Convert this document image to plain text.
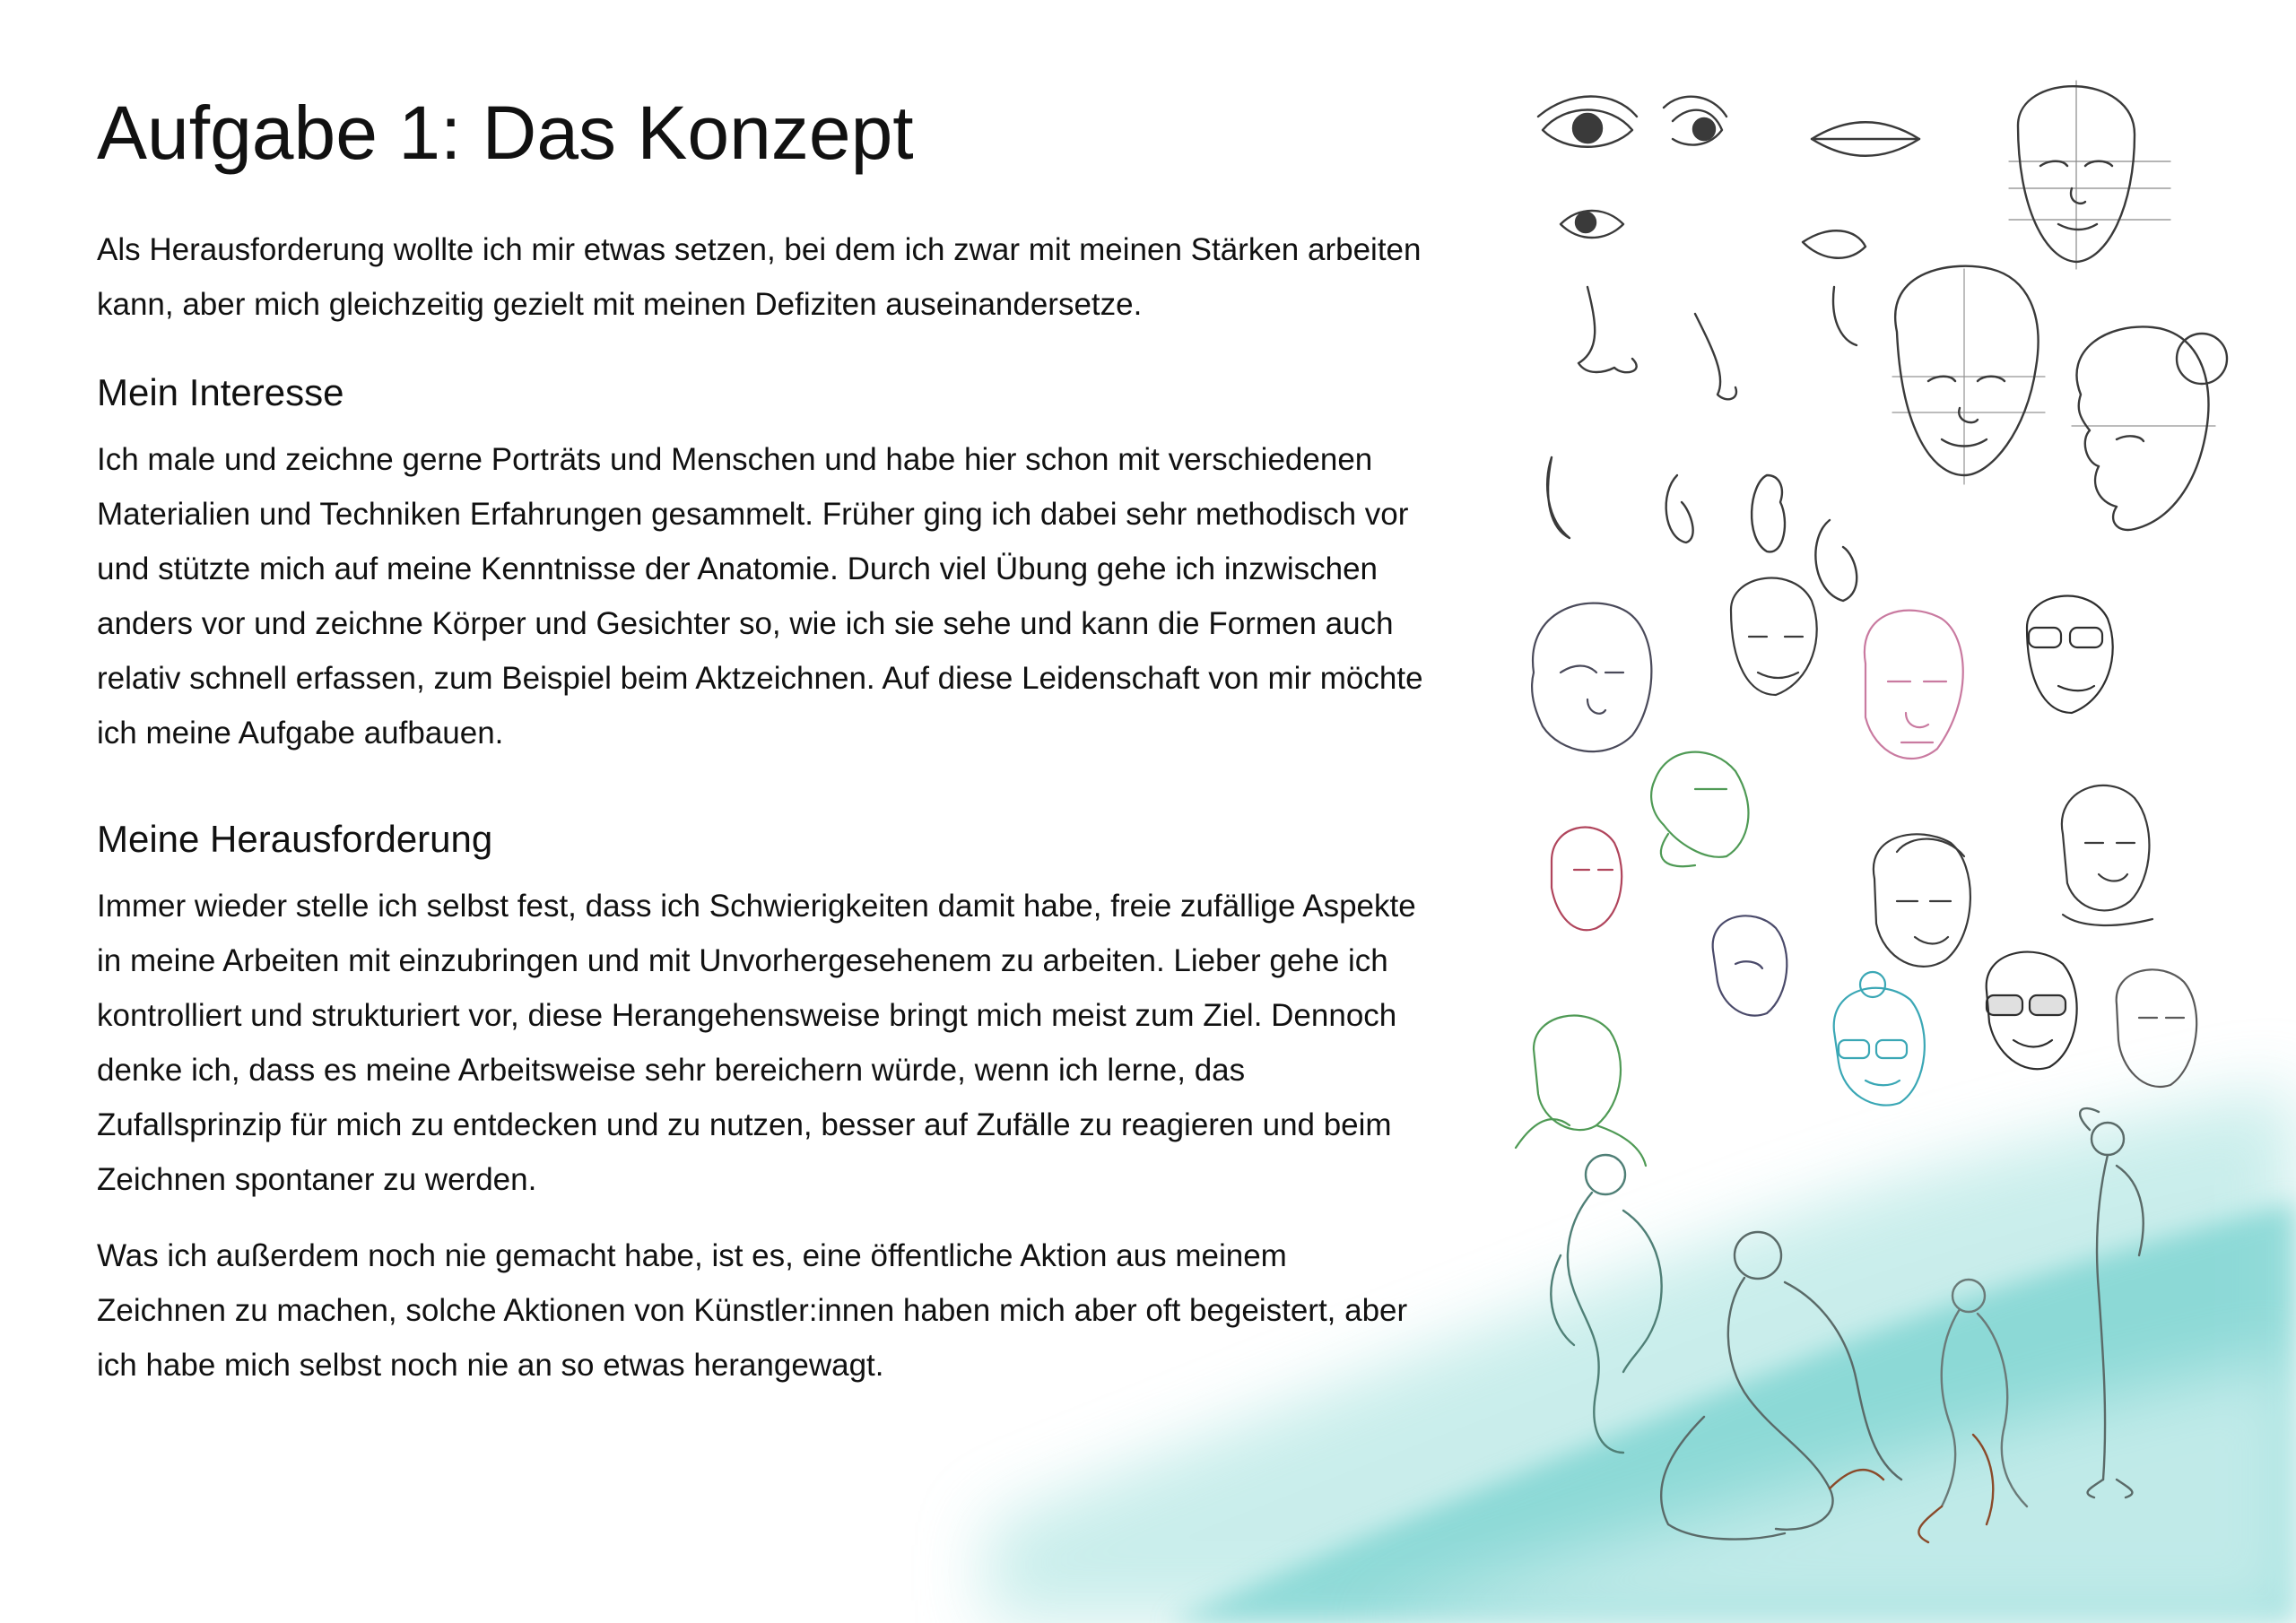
Aufgabe 1: Das Konzept

Als Herausforderung wollte ich mir etwas setzen, bei dem ich zwar mit meinen Stärken arbeiten kann, aber mich gleichzeitig gezielt mit meinen Defiziten auseinandersetze.

Mein Interesse

Ich male und zeichne gerne Porträts und Menschen und habe hier schon mit verschiedenen Materialien und Techniken Erfahrungen gesammelt. Früher ging ich dabei sehr methodisch vor und stützte mich auf meine Kenntnisse der Anatomie. Durch viel Übung gehe ich inzwischen anders vor und zeichne Körper und Gesichter so, wie ich sie sehe und kann die Formen auch relativ schnell erfassen, zum Beispiel beim Aktzeichnen. Auf diese Leidenschaft von mir möchte ich meine Aufgabe aufbauen.

Meine Herausforderung

Immer wieder stelle ich selbst fest, dass ich Schwierigkeiten damit habe, freie zufällige Aspekte in meine Arbeiten mit einzubringen und mit Unvorhergesehenem zu arbeiten. Lieber gehe ich kontrolliert und strukturiert vor, diese Herangehensweise bringt mich meist zum Ziel. Dennoch denke ich, dass es meine Arbeitsweise sehr bereichern würde, wenn ich lerne, das Zufallsprinzip für mich zu entdecken und zu nutzen, besser auf Zufälle zu reagieren und beim Zeichnen spontaner zu werden.

Was ich außerdem noch nie gemacht habe, ist es, eine öffentliche Aktion aus meinem Zeichnen zu machen, solche Aktionen von Künstler:innen haben mich aber oft begeistert, aber ich habe mich selbst noch nie an so etwas herangewagt.
